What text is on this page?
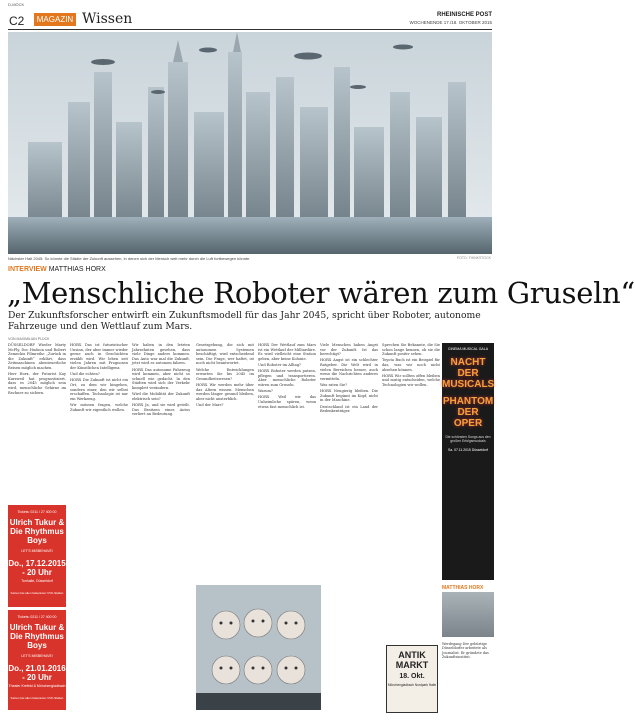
D-MÖCK
C2	MAGAZIN Wissen	RHEINISCHE POST
WOCHENENDE 17./18. OKTOBER 2015
Nächster Halt 2045: So könnte die Städte der Zukunft aussehen, in denen sich der Mensch weit mehr durch die Luft fortbewegen könnte.	FOTO: THINKSTOCK
INTERVIEW MATTHIAS HORX
„Menschliche Roboter wären zum Gruseln“
Der Zukunftsforscher entwirft ein Zukunftsmodell für das Jahr 2045, spricht über Roboter, autonome Fahrzeuge und den Wettlauf zum Mars.
VON MAXIMILIAN PLÜCK

DÜSSELDORF Wieder Marty McFly, Doc Hudson und Robert Zemeckis Filmreihe „Zurück in die Zukunft“ erklärt, dass Zeitmaschinen abenteuerliche Reisen möglich machen.

Herr Horx, der Futurist Kay Kurzweil hat prognostiziert, dass es 2045 möglich sein wird, menschliche Gehirne im Rechner zu sichern.

HORX Das ist futuristischer Unsinn, der aber immer wieder gerne auch in Geschichten erzählt wird. Wir leben seit vielen Jahren mit Prognosen der Künstlichen Intelligenz.

Und die echten?

HORX Die Zukunft ist nicht ein Ort, zu dem wir hingehen, sondern einer, den wir selbst erschaffen. Technologie ist nur ein Werkzeug.

Wir müssen fragen, welche Zukunft wir eigentlich wollen.

Wir haben in den letzten Jahrzehnten gesehen, dass viele Dinge anders kommen. Das Auto war mal die Zukunft, jetzt wird es autonom fahren.

HORX Das autonome Fahrzeug wird kommen, aber nicht so schnell wie gedacht. In den Städten wird sich der Verkehr komplett verändern.

Wird die Mobilität der Zukunft elektrisch sein?

HORX Ja, und sie wird geteilt. Das Besitzen eines Autos verliert an Bedeutung.

Gesetzgebung, die sich mit autonomen Systemen beschäftigt, wird entscheidend sein. Die Frage, wer haftet, ist noch nicht beantwortet.

Welche Entwicklungen erwarten Sie bis 2045 im Gesundheitswesen?

HORX Wir werden mehr über das Altern wissen. Menschen werden länger gesund bleiben, aber nicht unsterblich.

Und der Mars?

HORX Der Wettlauf zum Mars ist ein Wettlauf der Milliardäre. Es wird vielleicht eine Station geben, aber keine Kolonie.

Und Roboter im Alltag?

HORX Roboter werden putzen, pflegen und transportieren. Aber menschliche Roboter wären zum Gruseln.

Warum?

HORX Weil wir das Unheimliche spüren, wenn etwas fast menschlich ist.

Viele Menschen haben Angst vor der Zukunft. Ist das berechtigt?

HORX Angst ist ein schlechter Ratgeber. Die Welt wird in vielen Bereichen besser, auch wenn die Nachrichten anderes vermitteln.

Was raten Sie?

HORX Neugierig bleiben. Die Zukunft beginnt im Kopf, nicht in der Maschine.

Deutschland ist ein Land der Bedenkenträger.

Sprechen Sie Bekannte, die Sie schon lange kennen, ob sie die Zukunft positiv sehen.

Toyota Buch ist ein Beispiel für das, was wir noch nicht absehen können.

HORX Wir sollten offen bleiben und mutig entscheiden, welche Technologien wir wollen.

Tickets: 0211 / 27 400 00
Ulrich Tukur & Die Rhythmus Boys
LET'S MISBEHAVE!
Do., 17.12.2015 - 20 Uhr
Tonhalle, Düsseldorf
Karten bei allen bekannten VVK-Stellen
Tickets: 0211 / 27 400 00
Ulrich Tukur & Die Rhythmus Boys
LET'S MISBEHAVE!
Do., 21.01.2016 - 20 Uhr
Theater Krefeld & Mönchengladbach
Karten bei allen bekannten VVK-Stellen
CINEMA MUSICAL GALA
NACHT DER MUSICALS
PHANTOM DER OPER
Die schönsten Songs aus den großen Erfolgsmusicals
Sa. 07.11.2015 Düsseldorf
MATTHIAS HORX
Werdegang Der gebürtige Düsseldorfer arbeitete als Journalist. Er gründete das Zukunftsinstitut.
ANTIK MARKT
18. Okt.
Mönchengladbach Nordpark Halle
